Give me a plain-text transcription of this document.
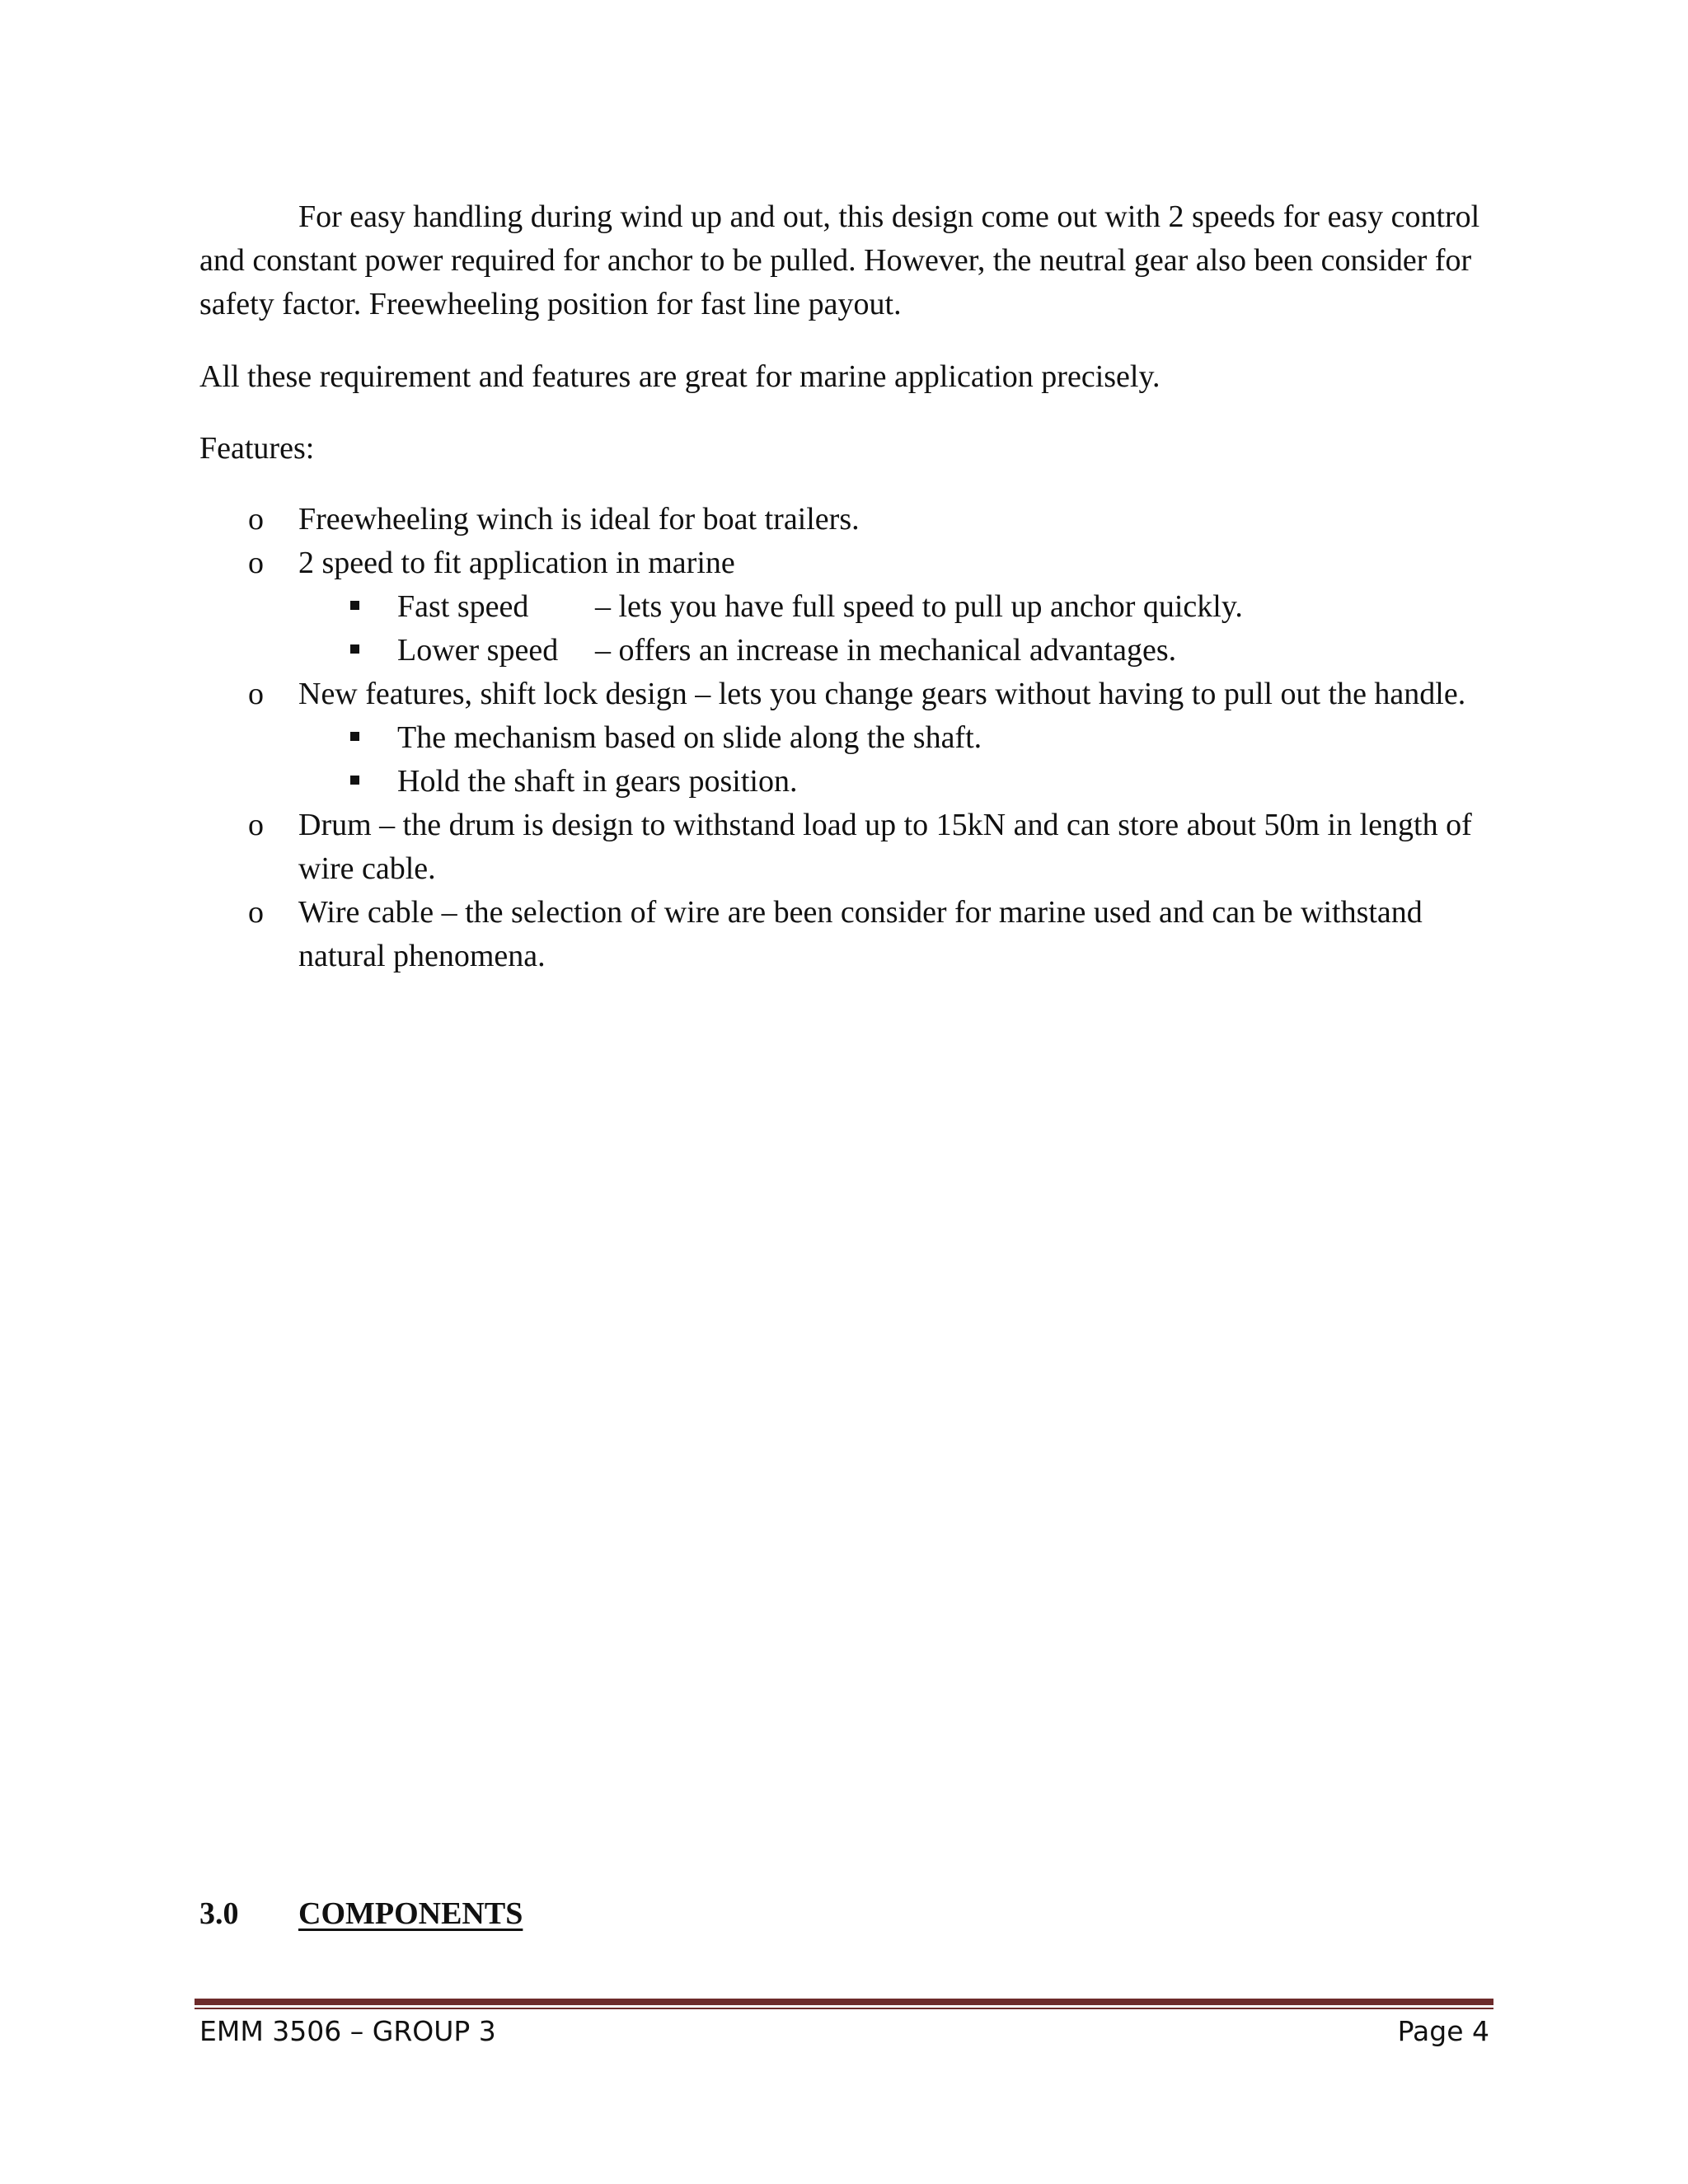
For easy handling during wind up and out, this design come out with 2 speeds for easy control and constant power required for anchor to be pulled. However, the neutral gear also been consider for safety factor. Freewheeling position for fast line payout.

All these requirement and features are great for marine application precisely.

Features:

o Freewheeling winch is ideal for boat trailers.
o 2 speed to fit application in marine
Fast speed – lets you have full speed to pull up anchor quickly.
Lower speed – offers an increase in mechanical advantages.
o New features, shift lock design – lets you change gears without having to pull out the handle.
The mechanism based on slide along the shaft.
Hold the shaft in gears position.
o Drum – the drum is design to withstand load up to 15kN and can store about 50m in length of wire cable.
o Wire cable – the selection of wire are been consider for marine used and can be withstand natural phenomena.
3.0 COMPONENTS
EMM 3506 – GROUP 3	Page 4
